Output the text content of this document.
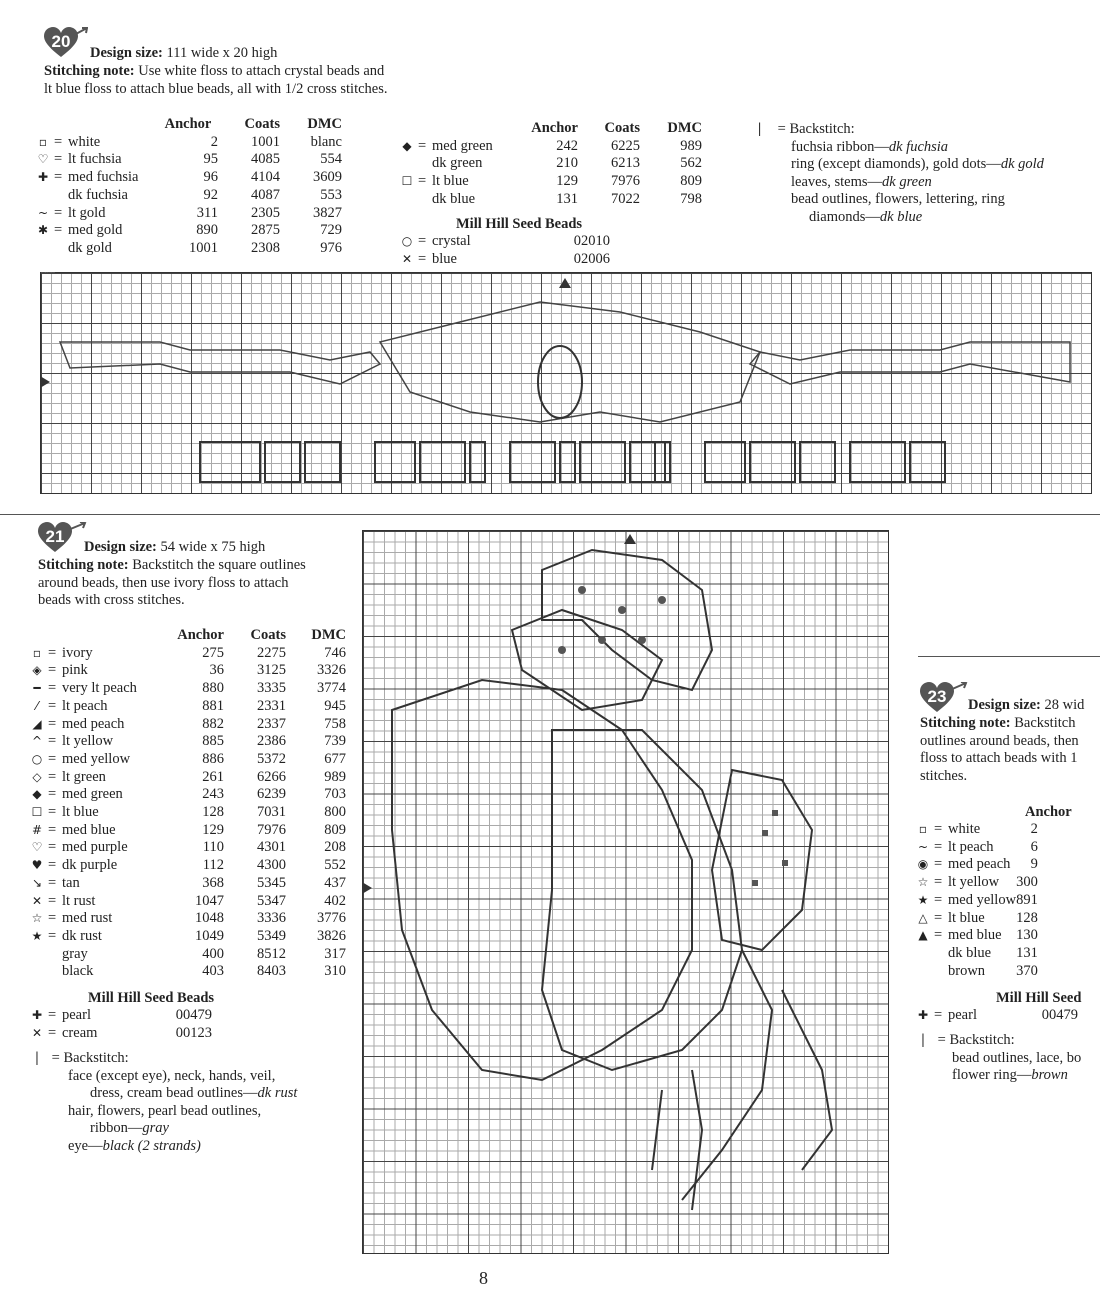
20
Design size: 111 wide x 20 high
Stitching note: Use white floss to attach crystal beads and
lt blue floss to attach blue beads, all with 1/2 cross stitches.
			Anchor	Coats	DMC
▫	=	white	2	1001	blanc
♡	=	lt fuchsia	95	4085	554
✚	=	med fuchsia	96	4104	3609
		dk fuchsia	92	4087	553
~	=	lt gold	311	2305	3827
✱	=	med gold	890	2875	729
		dk gold	1001	2308	976
			Anchor	Coats	DMC
◆	=	med green	242	6225	989
		dk green	210	6213	562
☐	=	lt blue	129	7976	809
		dk blue	131	7022	798
Mill Hill Seed Beads
○	=	crystal	02010
✕	=	blue	02006
| = Backstitch:
fuchsia ribbon—dk fuchsia
ring (except diamonds), gold dots—dk gold
leaves, stems—dk green
bead outlines, flowers, lettering, ring
diamonds—dk blue
WITH THIS RING I THEE WED
21
Design size: 54 wide x 75 high
Stitching note: Backstitch the square outlines
around beads, then use ivory floss to attach
beads with cross stitches.
			Anchor	Coats	DMC
▫	=	ivory	275	2275	746
◈	=	pink	36	3125	3326
━	=	very lt peach	880	3335	3774
⁄	=	lt peach	881	2331	945
◢	=	med peach	882	2337	758
^	=	lt yellow	885	2386	739
○	=	med yellow	886	5372	677
◇	=	lt green	261	6266	989
◆	=	med green	243	6239	703
☐	=	lt blue	128	7031	800
#	=	med blue	129	7976	809
♡	=	med purple	110	4301	208
♥	=	dk purple	112	4300	552
↘	=	tan	368	5345	437
✕	=	lt rust	1047	5347	402
☆	=	med rust	1048	3336	3776
★	=	dk rust	1049	5349	3826
		gray	400	8512	317
		black	403	8403	310
Mill Hill Seed Beads
✚	=	pearl	00479
✕	=	cream	00123
| = Backstitch:
face (except eye), neck, hands, veil,
dress, cream bead outlines—dk rust
hair, flowers, pearl bead outlines,
ribbon—gray
eye—black (2 strands)
23	Design size: 28 wid
Stitching note: Backstitch
outlines around beads, then
floss to attach beads with 1
stitches.
Anchor
▫	=	white	2
~	=	lt peach	6
◉	=	med peach	9
☆	=	lt yellow	300
★	=	med yellow	891
△	=	lt blue	128
▲	=	med blue	130
		dk blue	131
		brown	370
Mill Hill Seed
✚	=	pearl	00479
| = Backstitch:
bead outlines, lace, bo
flower ring—brown
8
